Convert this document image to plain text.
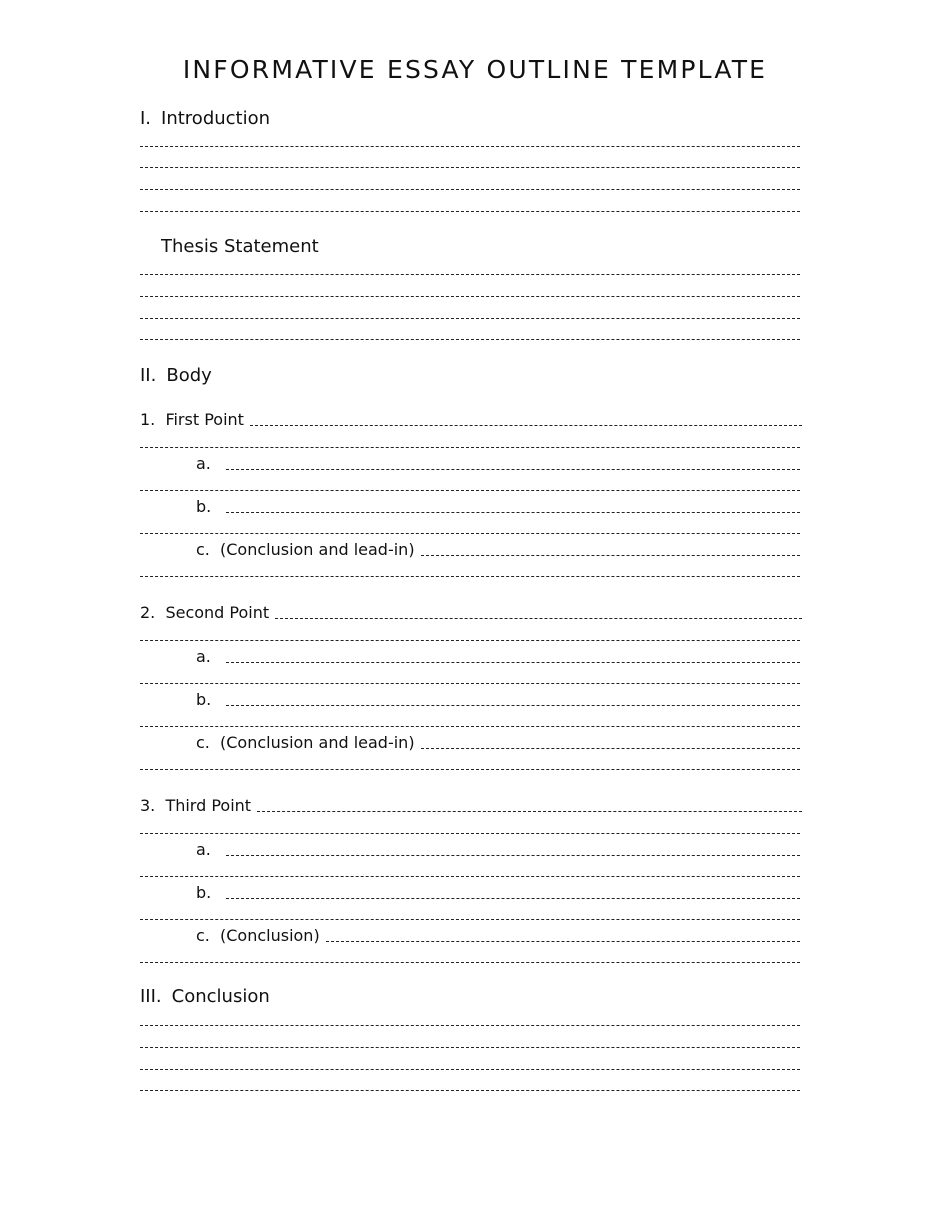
INFORMATIVE ESSAY OUTLINE TEMPLATE
I. Introduction
Thesis Statement
II. Body
1. First Point
a.
b.
c. (Conclusion and lead-in)
2. Second Point
a.
b.
c. (Conclusion and lead-in)
3. Third Point
a.
b.
c. (Conclusion)
III. Conclusion
